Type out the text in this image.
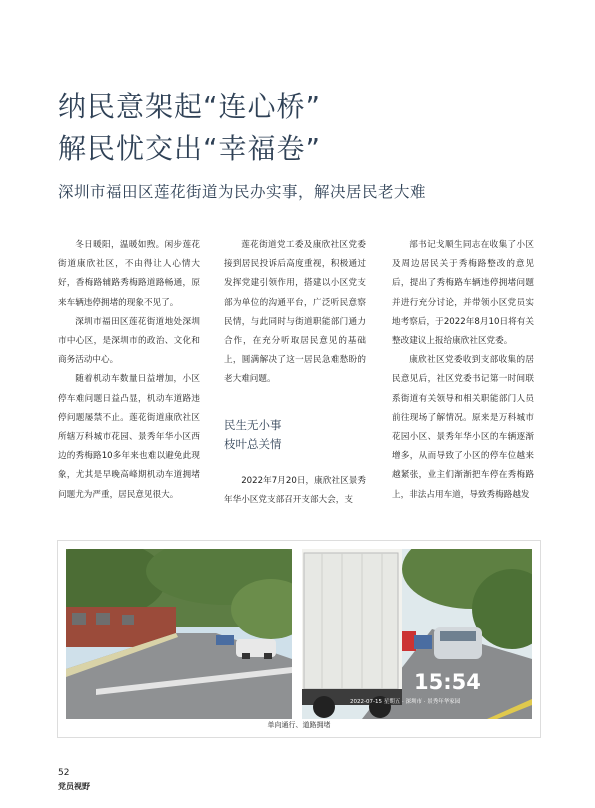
纳民意架起“连心桥”
解民忧交出“幸福卷”
深圳市福田区莲花街道为民办实事，解决居民老大难

冬日暖阳，温暖如煦。闲步莲花街道康欣社区，不由得让人心情大好，香梅路辅路秀梅路道路畅通，原来车辆违停拥堵的现象不见了。

深圳市福田区莲花街道地处深圳市中心区，是深圳市的政治、文化和商务活动中心。

随着机动车数量日益增加，小区停车难问题日益凸显，机动车道路违停问题屡禁不止。莲花街道康欣社区所辖万科城市花园、景秀年华小区西边的秀梅路10多年来也难以避免此现象，尤其是早晚高峰期机动车道拥堵问题尤为严重，居民意见很大。

莲花街道党工委及康欣社区党委接到居民投诉后高度重视，积极通过发挥党建引领作用，搭建以小区党支部为单位的沟通平台，广泛听民意察民情，与此同时与街道职能部门通力合作，在充分听取居民意见的基础上，圆满解决了这一居民急难愁盼的老大难问题。

民生无小事
枝叶总关情

2022年7月20日，康欣社区景秀年华小区党支部召开支部大会，支

部书记戈顺生同志在收集了小区及周边居民关于秀梅路整改的意见后，提出了秀梅路车辆违停拥堵问题并进行充分讨论，并带领小区党员实地考察后，于2022年8月10日将有关整改建议上报给康欣社区党委。

康欣社区党委收到支部收集的居民意见后，社区党委书记第一时间联系街道有关领导和相关职能部门人员前往现场了解情况。原来是万科城市花园小区、景秀年华小区的车辆逐渐增多，从而导致了小区的停车位越来越紧张，业主们渐渐把车停在秀梅路上，非法占用车道，导致秀梅路越发

15:54
2022-07-15 星期五 · 深圳市 · 景秀年华家园
单向通行、道路拥堵
52
党员视野
